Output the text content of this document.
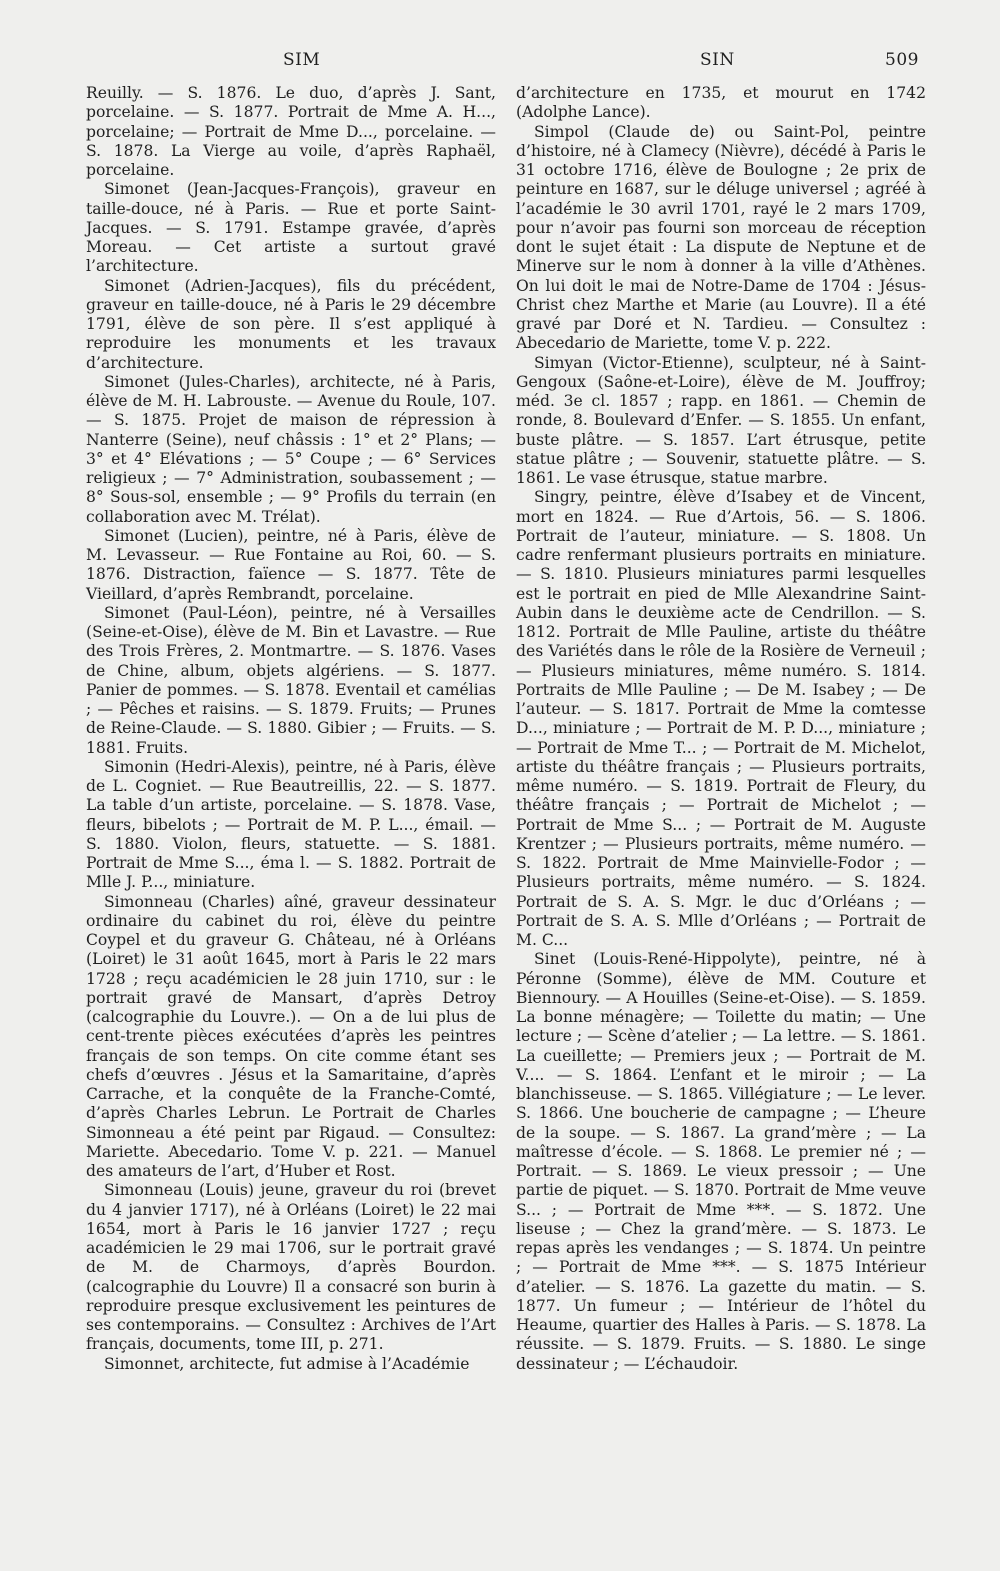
SIM	SIN	509

Reuilly. — S. 1876. Le duo, d’après J. Sant, porcelaine. — S. 1877. Portrait de Mme A. H..., porcelaine; — Portrait de Mme D..., porcelaine. — S. 1878. La Vierge au voile, d’après Raphaël, porcelaine.

Simonet (Jean-Jacques-François), graveur en taille-douce, né à Paris. — Rue et porte Saint-Jacques. — S. 1791. Estampe gravée, d’après Moreau. — Cet artiste a surtout gravé l’architecture.

Simonet (Adrien-Jacques), fils du précédent, graveur en taille-douce, né à Paris le 29 décembre 1791, élève de son père. Il s’est appliqué à reproduire les monuments et les travaux d’architecture.

Simonet (Jules-Charles), architecte, né à Paris, élève de M. H. Labrouste. — Avenue du Roule, 107. — S. 1875. Projet de maison de répression à Nanterre (Seine), neuf châssis : 1° et 2° Plans; — 3° et 4° Elévations ; — 5° Coupe ; — 6° Services religieux ; — 7° Administration, soubassement ; — 8° Sous-sol, ensemble ; — 9° Profils du terrain (en collaboration avec M. Trélat).

Simonet (Lucien), peintre, né à Paris, élève de M. Levasseur. — Rue Fontaine au Roi, 60. — S. 1876. Distraction, faïence — S. 1877. Tête de Vieillard, d’après Rembrandt, porcelaine.

Simonet (Paul-Léon), peintre, né à Versailles (Seine-et-Oise), élève de M. Bin et Lavastre. — Rue des Trois Frères, 2. Montmartre. — S. 1876. Vases de Chine, album, objets algériens. — S. 1877. Panier de pommes. — S. 1878. Eventail et camélias ; — Pêches et raisins. — S. 1879. Fruits; — Prunes de Reine-Claude. — S. 1880. Gibier ; — Fruits. — S. 1881. Fruits.

Simonin (Hedri-Alexis), peintre, né à Paris, élève de L. Cogniet. — Rue Beautreillis, 22. — S. 1877. La table d’un artiste, porcelaine. — S. 1878. Vase, fleurs, bibelots ; — Portrait de M. P. L..., émail. — S. 1880. Violon, fleurs, statuette. — S. 1881. Portrait de Mme S..., éma l. — S. 1882. Portrait de Mlle J. P..., miniature.

Simonneau (Charles) aîné, graveur dessinateur ordinaire du cabinet du roi, élève du peintre Coypel et du graveur G. Château, né à Orléans (Loiret) le 31 août 1645, mort à Paris le 22 mars 1728 ; reçu académicien le 28 juin 1710, sur : le portrait gravé de Mansart, d’après Detroy (calcographie du Louvre.). — On a de lui plus de cent-trente pièces exécutées d’après les peintres français de son temps. On cite comme étant ses chefs d’œuvres . Jésus et la Samaritaine, d’après Carrache, et la conquête de la Franche-Comté, d’après Charles Lebrun. Le Portrait de Charles Simonneau a été peint par Rigaud. — Consultez: Mariette. Abecedario. Tome V. p. 221. — Manuel des amateurs de l’art, d’Huber et Rost.

Simonneau (Louis) jeune, graveur du roi (brevet du 4 janvier 1717), né à Orléans (Loiret) le 22 mai 1654, mort à Paris le 16 janvier 1727 ; reçu académicien le 29 mai 1706, sur le portrait gravé de M. de Charmoys, d’après Bourdon. (calcographie du Louvre) Il a consacré son burin à reproduire presque exclusivement les peintures de ses contemporains. — Consultez : Archives de l’Art français, documents, tome III, p. 271.

Simonnet, architecte, fut admise à l’Académie

d’architecture en 1735, et mourut en 1742 (Adolphe Lance).

Simpol (Claude de) ou Saint-Pol, peintre d’histoire, né à Clamecy (Nièvre), décédé à Paris le 31 octobre 1716, élève de Boulogne ; 2e prix de peinture en 1687, sur le déluge universel ; agréé à l’académie le 30 avril 1701, rayé le 2 mars 1709, pour n’avoir pas fourni son morceau de réception dont le sujet était : La dispute de Neptune et de Minerve sur le nom à donner à la ville d’Athènes. On lui doit le mai de Notre-Dame de 1704 : Jésus-Christ chez Marthe et Marie (au Louvre). Il a été gravé par Doré et N. Tardieu. — Consultez : Abecedario de Mariette, tome V. p. 222.

Simyan (Victor-Etienne), sculpteur, né à Saint-Gengoux (Saône-et-Loire), élève de M. Jouffroy; méd. 3e cl. 1857 ; rapp. en 1861. — Chemin de ronde, 8. Boulevard d’Enfer. — S. 1855. Un enfant, buste plâtre. — S. 1857. L’art étrusque, petite statue plâtre ; — Souvenir, statuette plâtre. — S. 1861. Le vase étrusque, statue marbre.

Singry, peintre, élève d’Isabey et de Vincent, mort en 1824. — Rue d’Artois, 56. — S. 1806. Portrait de l’auteur, miniature. — S. 1808. Un cadre renfermant plusieurs portraits en miniature. — S. 1810. Plusieurs miniatures parmi lesquelles est le portrait en pied de Mlle Alexandrine Saint-Aubin dans le deuxième acte de Cendrillon. — S. 1812. Portrait de Mlle Pauline, artiste du théâtre des Variétés dans le rôle de la Rosière de Verneuil ; — Plusieurs miniatures, même numéro. S. 1814. Portraits de Mlle Pauline ; — De M. Isabey ; — De l’auteur. — S. 1817. Portrait de Mme la comtesse D..., miniature ; — Portrait de M. P. D..., miniature ; — Portrait de Mme T... ; — Portrait de M. Michelot, artiste du théâtre français ; — Plusieurs portraits, même numéro. — S. 1819. Portrait de Fleury, du théâtre français ; — Portrait de Michelot ; — Portrait de Mme S... ; — Portrait de M. Auguste Krentzer ; — Plusieurs portraits, même numéro. — S. 1822. Portrait de Mme Mainvielle-Fodor ; — Plusieurs portraits, même numéro. — S. 1824. Portrait de S. A. S. Mgr. le duc d’Orléans ; — Portrait de S. A. S. Mlle d’Orléans ; — Portrait de M. C...

Sinet (Louis-René-Hippolyte), peintre, né à Péronne (Somme), élève de MM. Couture et Biennoury. — A Houilles (Seine-et-Oise). — S. 1859. La bonne ménagère; — Toilette du matin; — Une lecture ; — Scène d’atelier ; — La lettre. — S. 1861. La cueillette; — Premiers jeux ; — Portrait de M. V.... — S. 1864. L’enfant et le miroir ; — La blanchisseuse. — S. 1865. Villégiature ; — Le lever. S. 1866. Une boucherie de campagne ; — L’heure de la soupe. — S. 1867. La grand’mère ; — La maîtresse d’école. — S. 1868. Le premier né ; — Portrait. — S. 1869. Le vieux pressoir ; — Une partie de piquet. — S. 1870. Portrait de Mme veuve S... ; — Portrait de Mme ***. — S. 1872. Une liseuse ; — Chez la grand’mère. — S. 1873. Le repas après les vendanges ; — S. 1874. Un peintre ; — Portrait de Mme ***. — S. 1875 Intérieur d’atelier. — S. 1876. La gazette du matin. — S. 1877. Un fumeur ; — Intérieur de l’hôtel du Heaume, quartier des Halles à Paris. — S. 1878. La réussite. — S. 1879. Fruits. — S. 1880. Le singe dessinateur ; — L’échaudoir.
